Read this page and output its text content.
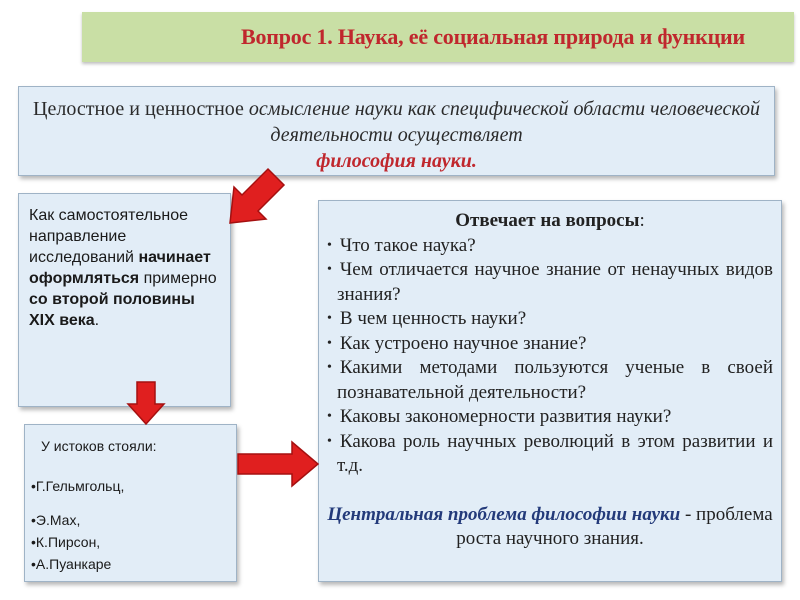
Вопрос 1. Наука, её социальная природа и функции
Целостное и ценностное осмысление науки как специфической области человеческой деятельности осуществляет
философия науки.
Как самостоятельное направление исследований начинает оформляться примерно со второй половины XIX века.
У истоков стояли:
• Г.Гельмгольц,
• Э.Мах,
• К.Пирсон,
• А.Пуанкаре
Отвечает на вопросы:
• Что такое наука?
• Чем отличается научное знание от ненаучных видов знания?
• В чем ценность науки?
• Как устроено научное знание?
• Какими методами пользуются ученые в своей познавательной деятельности?
• Каковы закономерности развития науки?
• Какова роль научных революций в этом развитии и т.д.
Центральная проблема философии науки - проблема роста научного знания.
